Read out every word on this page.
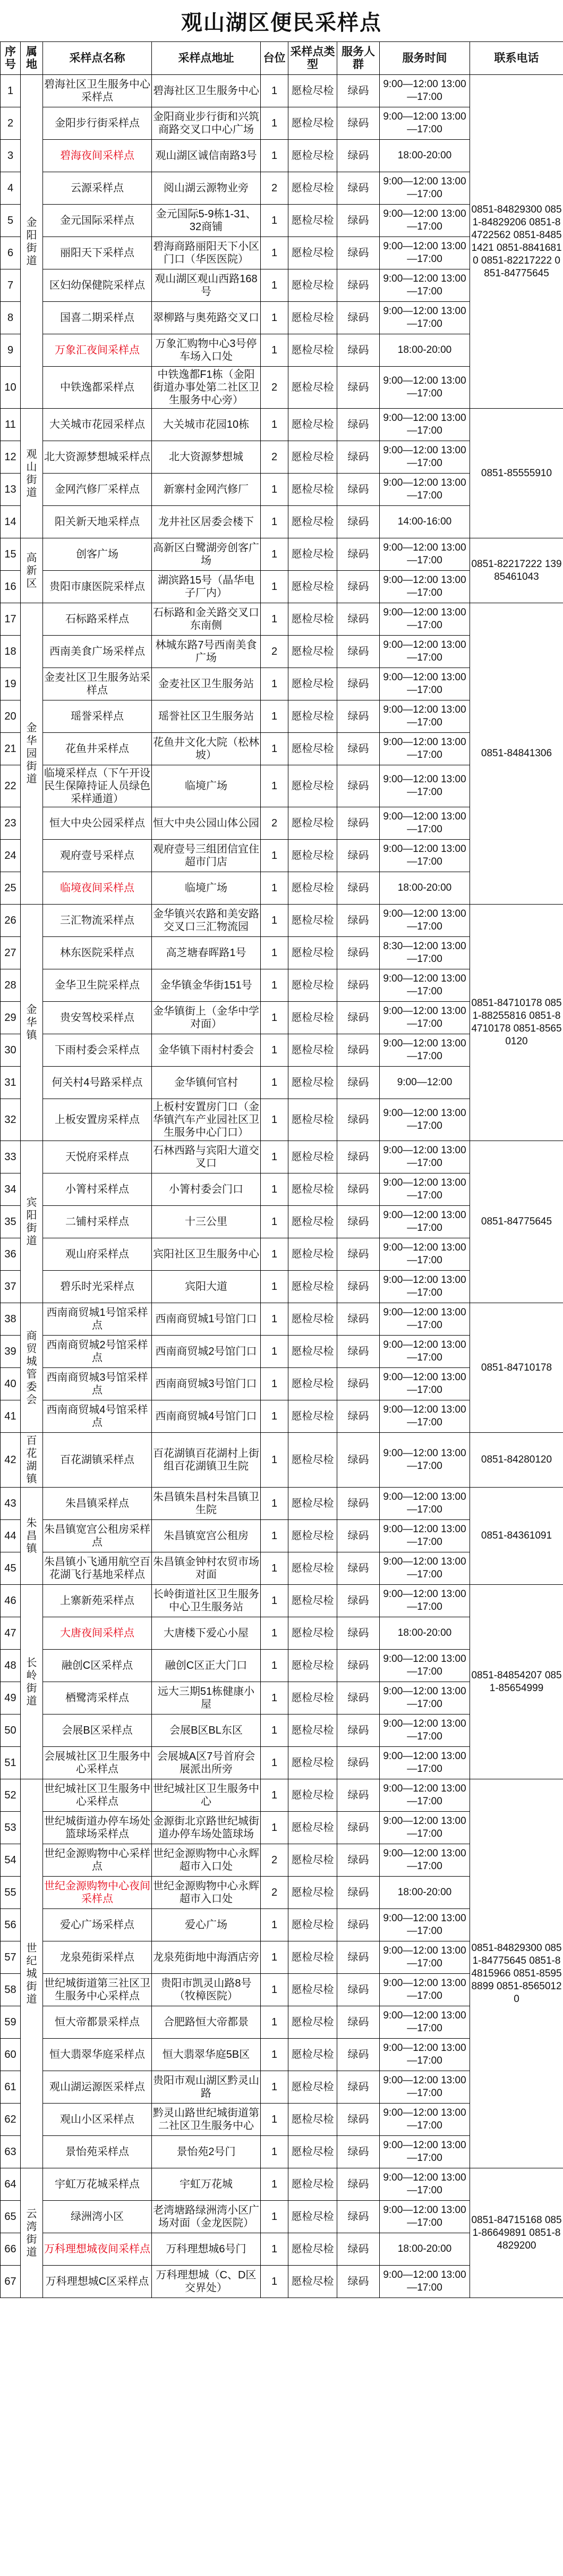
观山湖区便民采样点
序号	属地	采样点名称	采样点地址	台位	采样点类型	服务人群	服务时间	联系电话
1	金阳街道	碧海社区卫生服务中心采样点	碧海社区卫生服务中心	1	愿检尽检	绿码	9:00—12:00 13:00—17:00	0851-84829300 0851-84829206 0851-84722562 0851-84851421 0851-88416810 0851-82217222 0851-84775645
2		金阳步行街采样点	金阳商业步行街和兴筑商路交叉口中心广场	1	愿检尽检	绿码	9:00—12:00 13:00—17:00	
3		碧海夜间采样点	观山湖区诚信南路3号	1	愿检尽检	绿码	18:00-20:00	
4		云源采样点	阅山湖云源物业旁	2	愿检尽检	绿码	9:00—12:00 13:00—17:00	
5		金元国际采样点	金元国际5-9栋1-31、32商铺	1	愿检尽检	绿码	9:00—12:00 13:00—17:00	
6		丽阳天下采样点	碧海商路丽阳天下小区门口（华医医院）	1	愿检尽检	绿码	9:00—12:00 13:00—17:00	
7		区妇幼保健院采样点	观山湖区观山西路168号	1	愿检尽检	绿码	9:00—12:00 13:00—17:00	
8		国喜二期采样点	翠柳路与奥苑路交叉口	1	愿检尽检	绿码	9:00—12:00 13:00—17:00	
9		万象汇夜间采样点	万象汇购物中心3号停车场入口处	1	愿检尽检	绿码	18:00-20:00	
10		中铁逸都采样点	中铁逸都F1栋（金阳街道办事处第二社区卫生服务中心旁）	2	愿检尽检	绿码	9:00—12:00 13:00—17:00	
11	观山街道	大关城市花园采样点	大关城市花园10栋	1	愿检尽检	绿码	9:00—12:00 13:00—17:00	0851-85555910
12		北大资源梦想城采样点	北大资源梦想城	2	愿检尽检	绿码	9:00—12:00 13:00—17:00	
13		金网汽修厂采样点	新寨村金网汽修厂	1	愿检尽检	绿码	9:00—12:00 13:00—17:00	
14		阳关新天地采样点	龙井社区居委会楼下	1	愿检尽检	绿码	14:00-16:00	
15	高新区	创客广场	高新区白鹭湖旁创客广场	1	愿检尽检	绿码	9:00—12:00 13:00—17:00	0851-82217222 13985461043
16		贵阳市康医院采样点	湖滨路15号（晶华电子厂内）	1	愿检尽检	绿码	9:00—12:00 13:00—17:00	
17	金华园街道	石标路采样点	石标路和金关路交叉口东南侧	1	愿检尽检	绿码	9:00—12:00 13:00—17:00	0851-84841306
18		西南美食广场采样点	林城东路7号西南美食广场	2	愿检尽检	绿码	9:00—12:00 13:00—17:00	
19		金麦社区卫生服务站采样点	金麦社区卫生服务站	1	愿检尽检	绿码	9:00—12:00 13:00—17:00	
20		瑶誉采样点	瑶誉社区卫生服务站	1	愿检尽检	绿码	9:00—12:00 13:00—17:00	
21		花鱼井采样点	花鱼井文化大院（松林坡）	1	愿检尽检	绿码	9:00—12:00 13:00—17:00	
22		临境采样点（下午开设民生保障持证人员绿色采样通道）	临境广场	1	愿检尽检	绿码	9:00—12:00 13:00—17:00	
23		恒大中央公园采样点	恒大中央公园山体公园	2	愿检尽检	绿码	9:00—12:00 13:00—17:00	
24		观府壹号采样点	观府壹号三组团信宜住超市门店	1	愿检尽检	绿码	9:00—12:00 13:00—17:00	
25		临境夜间采样点	临境广场	1	愿检尽检	绿码	18:00-20:00	
26	金华镇	三汇物流采样点	金华镇兴农路和美安路交叉口三汇物流园	1	愿检尽检	绿码	9:00—12:00 13:00—17:00	0851-84710178 0851-88255816 0851-84710178 0851-85650120
27		林东医院采样点	高芝塘春晖路1号	1	愿检尽检	绿码	8:30—12:00 13:00—17:00	
28		金华卫生院采样点	金华镇金华街151号	1	愿检尽检	绿码	9:00—12:00 13:00—17:00	
29		贵安驾校采样点	金华镇街上（金华中学对面）	1	愿检尽检	绿码	9:00—12:00 13:00—17:00	
30		下雨村委会采样点	金华镇下雨村村委会	1	愿检尽检	绿码	9:00—12:00 13:00—17:00	
31		何关村4号路采样点	金华镇何官村	1	愿检尽检	绿码	9:00—12:00	
32		上板安置房采样点	上板村安置房门口（金华镇汽车产业园社区卫生服务中心门口）	1	愿检尽检	绿码	9:00—12:00 13:00—17:00	
33	宾阳街道	天悦府采样点	石林西路与宾阳大道交叉口	1	愿检尽检	绿码	9:00—12:00 13:00—17:00	0851-84775645
34		小箐村采样点	小箐村委会门口	1	愿检尽检	绿码	9:00—12:00 13:00—17:00	
35		二铺村采样点	十三公里	1	愿检尽检	绿码	9:00—12:00 13:00—17:00	
36		观山府采样点	宾阳社区卫生服务中心	1	愿检尽检	绿码	9:00—12:00 13:00—17:00	
37		碧乐时光采样点	宾阳大道	1	愿检尽检	绿码	9:00—12:00 13:00—17:00	
38	商贸城管委会	西南商贸城1号馆采样点	西南商贸城1号馆门口	1	愿检尽检	绿码	9:00—12:00 13:00—17:00	0851-84710178
39		西南商贸城2号馆采样点	西南商贸城2号馆门口	1	愿检尽检	绿码	9:00—12:00 13:00—17:00	
40		西南商贸城3号馆采样点	西南商贸城3号馆门口	1	愿检尽检	绿码	9:00—12:00 13:00—17:00	
41		西南商贸城4号馆采样点	西南商贸城4号馆门口	1	愿检尽检	绿码	9:00—12:00 13:00—17:00	
42	百花湖镇	百花湖镇采样点	百花湖镇百花湖村上街组百花湖镇卫生院	1	愿检尽检	绿码	9:00—12:00 13:00—17:00	0851-84280120
43	朱昌镇	朱昌镇采样点	朱昌镇朱昌村朱昌镇卫生院	1	愿检尽检	绿码	9:00—12:00 13:00—17:00	0851-84361091
44		朱昌镇宽宫公租房采样点	朱昌镇宽宫公租房	1	愿检尽检	绿码	9:00—12:00 13:00—17:00	
45		朱昌镇小飞通用航空百花湖飞行基地采样点	朱昌镇金钟村农贸市场对面	1	愿检尽检	绿码	9:00—12:00 13:00—17:00	
46	长岭街道	上寨新苑采样点	长岭街道社区卫生服务中心卫生服务站	1	愿检尽检	绿码	9:00—12:00 13:00—17:00	0851-84854207 0851-85654999
47		大唐夜间采样点	大唐楼下爱心小屋	1	愿检尽检	绿码	18:00-20:00	
48		融创C区采样点	融创C区正大门口	1	愿检尽检	绿码	9:00—12:00 13:00—17:00	
49		栖鹭湾采样点	远大三期51栋健康小屋	1	愿检尽检	绿码	9:00—12:00 13:00—17:00	
50		会展B区采样点	会展B区BL东区	1	愿检尽检	绿码	9:00—12:00 13:00—17:00	
51		会展城社区卫生服务中心采样点	会展城A区7号首府会展派出所旁	1	愿检尽检	绿码	9:00—12:00 13:00—17:00	
52	世纪城街道	世纪城社区卫生服务中心采样点	世纪城社区卫生服务中心	1	愿检尽检	绿码	9:00—12:00 13:00—17:00	0851-84829300 0851-84775645 0851-84815966 0851-85958899 0851-85650120
53		世纪城街道办停车场处篮球场采样点	金源街北京路世纪城街道办停车场处篮球场	1	愿检尽检	绿码	9:00—12:00 13:00—17:00	
54		世纪金源购物中心采样点	世纪金源购物中心永辉超市入口处	2	愿检尽检	绿码	9:00—12:00 13:00—17:00	
55		世纪金源购物中心夜间采样点	世纪金源购物中心永辉超市入口处	2	愿检尽检	绿码	18:00-20:00	
56		爱心广场采样点	爱心广场	1	愿检尽检	绿码	9:00—12:00 13:00—17:00	
57		龙泉苑街采样点	龙泉苑街地中海酒店旁	1	愿检尽检	绿码	9:00—12:00 13:00—17:00	
58		世纪城街道第三社区卫生服务中心采样点	贵阳市凯灵山路8号（牧樟医院）	1	愿检尽检	绿码	9:00—12:00 13:00—17:00	
59		恒大帝都景采样点	合肥路恒大帝都景	1	愿检尽检	绿码	9:00—12:00 13:00—17:00	
60		恒大翡翠华庭采样点	恒大翡翠华庭5B区	1	愿检尽检	绿码	9:00—12:00 13:00—17:00	
61		观山湖运源医采样点	贵阳市观山湖区黔灵山路	1	愿检尽检	绿码	9:00—12:00 13:00—17:00	
62		观山小区采样点	黔灵山路世纪城街道第二社区卫生服务中心	1	愿检尽检	绿码	9:00—12:00 13:00—17:00	
63		景怡苑采样点	景怡苑2号门	1	愿检尽检	绿码	9:00—12:00 13:00—17:00	
64	云湾街道	宇虹万花城采样点	宇虹万花城	1	愿检尽检	绿码	9:00—12:00 13:00—17:00	0851-84715168 0851-86649891 0851-84829200
65		绿洲湾小区	老湾塘路绿洲湾小区广场对面（金龙医院）	1	愿检尽检	绿码	9:00—12:00 13:00—17:00	
66		万科理想城夜间采样点	万科理想城6号门	1	愿检尽检	绿码	18:00-20:00	
67		万科理想城C区采样点	万科理想城（C、D区交界处）	1	愿检尽检	绿码	9:00—12:00 13:00—17:00	
